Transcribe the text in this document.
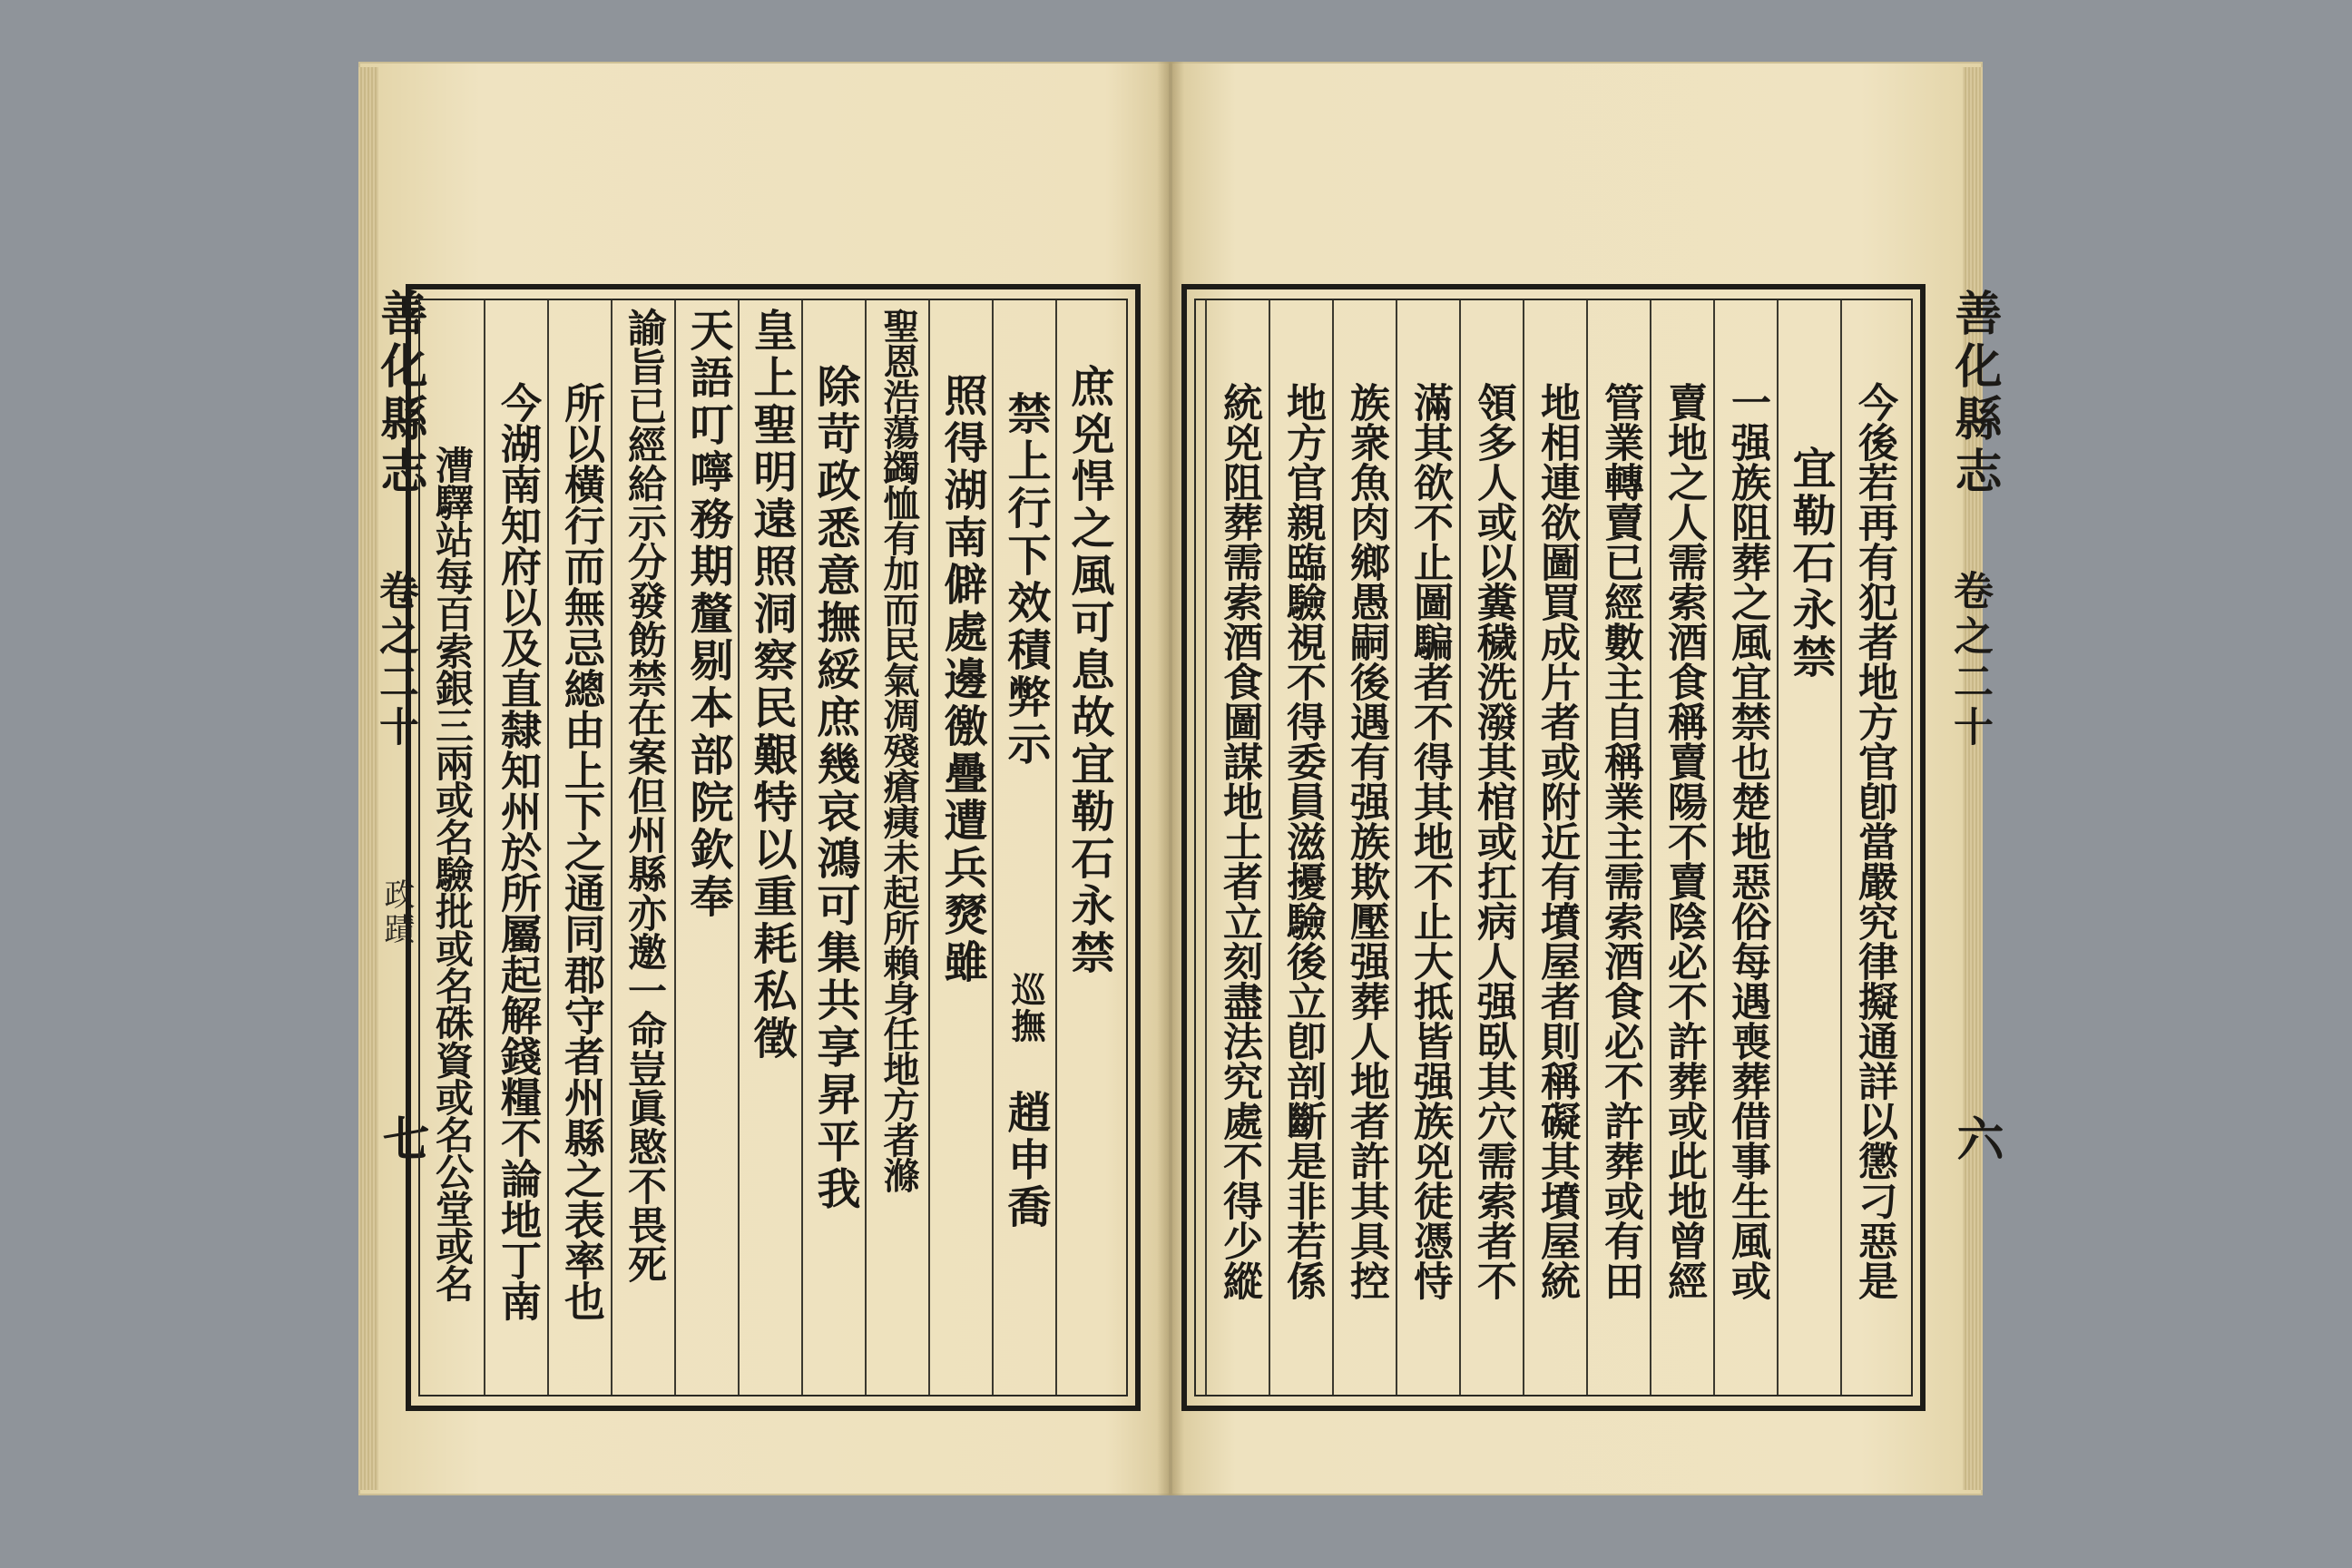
善化縣志
卷之二十
政蹟
七
庶兇悍之風可息故宜勒石永禁
禁上行下效積弊示
巡撫
趙申喬
照得湖南僻處邊徼疊遭兵燹雖
聖恩浩蕩蠲恤有加而民氣凋殘瘡痍未起所賴身任地方者滌
除苛政悉意撫綏庶幾哀鴻可集共享昇平我
皇上聖明遠照洞察民艱特以重耗私徵
天語叮嚀務期釐剔本部院欽奉
諭旨已經給示分發飭禁在案但州縣亦邀一命豈眞愍不畏死
所以橫行而無忌總由上下之通同郡守者州縣之表率也
今湖南知府以及直隸知州於所屬起解錢糧不論地丁南
漕驛站每百索銀三兩或名驗批或名硃資或名公堂或名
善化縣志
卷之二十
六
今後若再有犯者地方官卽當嚴究律擬通詳以懲刁惡是
宜勒石永禁
一强族阻葬之風宜禁也楚地惡俗每遇喪葬借事生風或
賣地之人需索酒食稱賣陽不賣陰必不許葬或此地曾經
管業轉賣已經數主自稱業主需索酒食必不許葬或有田
地相連欲圖買成片者或附近有墳屋者則稱礙其墳屋統
領多人或以糞穢洗潑其棺或扛病人强臥其穴需索者不
滿其欲不止圖騙者不得其地不止大抵皆强族兇徒憑恃
族衆魚肉鄉愚嗣後遇有强族欺壓强葬人地者許其具控
地方官親臨驗視不得委員滋擾驗後立卽剖斷是非若係
統兇阻葬需索酒食圖謀地土者立刻盡法究處不得少縱
